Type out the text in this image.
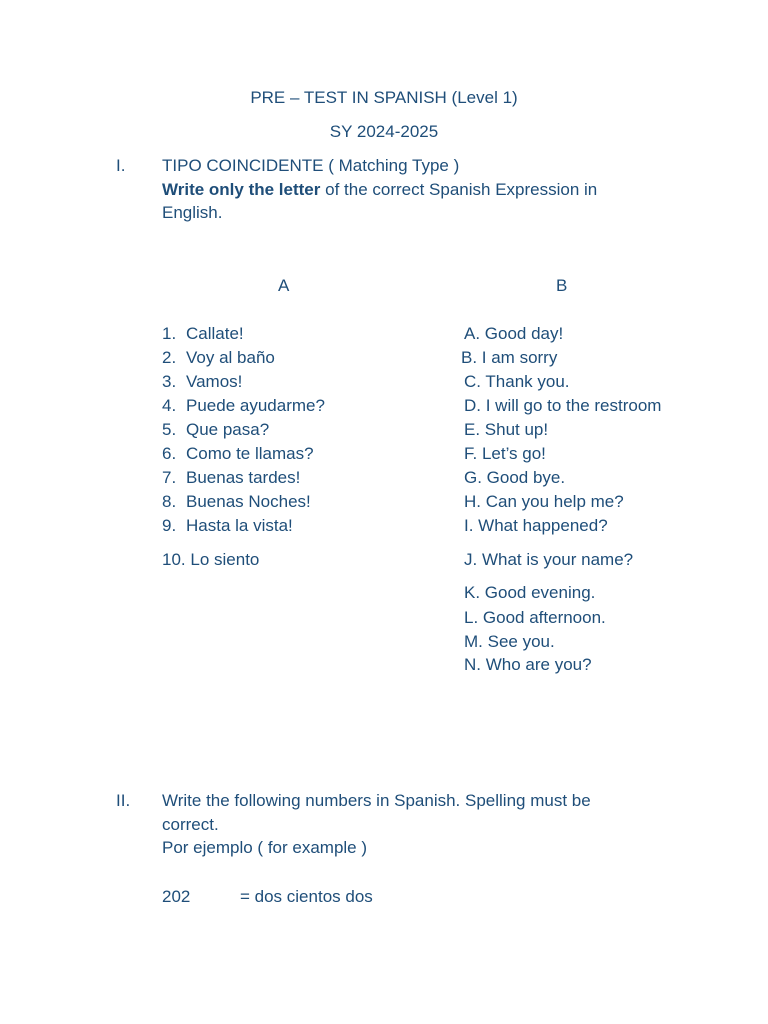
PRE – TEST IN SPANISH (Level 1)
SY 2024-2025
I. TIPO COINCIDENTE ( Matching Type )
Write only the letter of the correct Spanish Expression in
English.
A	B
1. Callate!
2. Voy al baño
3. Vamos!
4. Puede ayudarme?
5. Que pasa?
6. Como te llamas?
7. Buenas tardes!
8. Buenas Noches!
9. Hasta la vista!
10. Lo siento
A. Good day!
B. I am sorry
C. Thank you.
D. I will go to the restroom
E. Shut up!
F. Let’s go!
G. Good bye.
H. Can you help me?
I. What happened?
J. What is your name?
K. Good evening.
L. Good afternoon.
M. See you.
N. Who are you?
II. Write the following numbers in Spanish. Spelling must be
correct.
Por ejemplo ( for example )
202	= dos cientos dos
